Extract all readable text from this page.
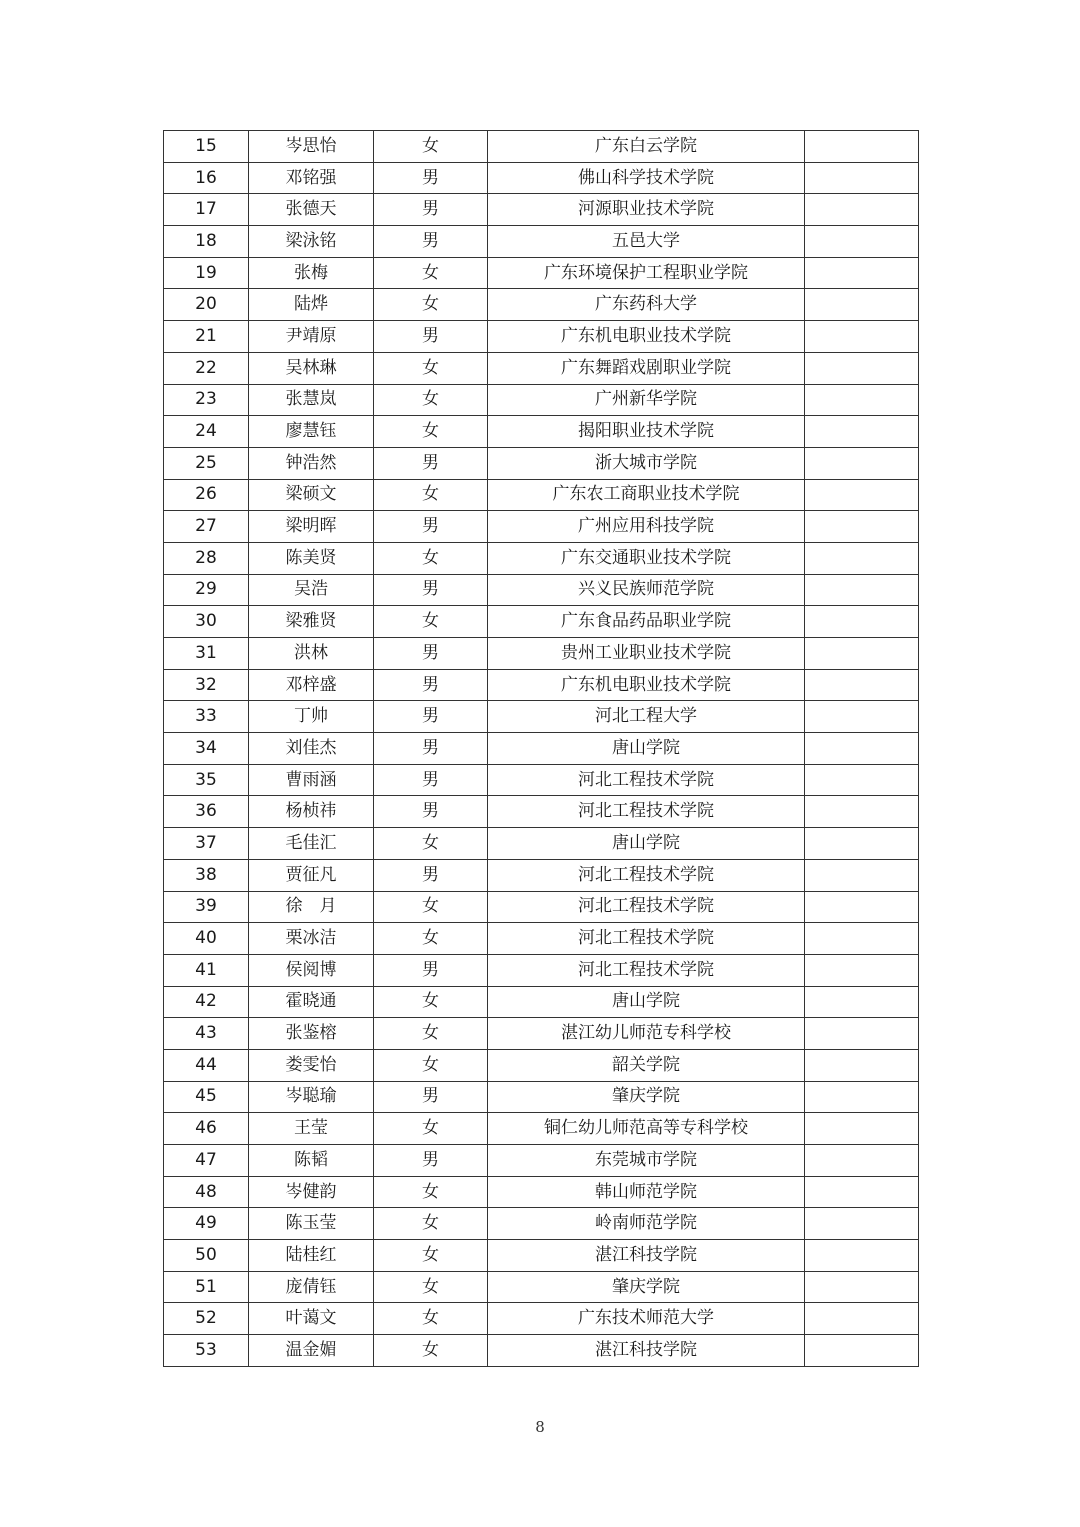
15	岑思怡	女	广东白云学院	
16	邓铭强	男	佛山科学技术学院	
17	张德天	男	河源职业技术学院	
18	梁泳铭	男	五邑大学	
19	张梅	女	广东环境保护工程职业学院	
20	陆烨	女	广东药科大学	
21	尹靖原	男	广东机电职业技术学院	
22	吴林琳	女	广东舞蹈戏剧职业学院	
23	张慧岚	女	广州新华学院	
24	廖慧钰	女	揭阳职业技术学院	
25	钟浩然	男	浙大城市学院	
26	梁硕文	女	广东农工商职业技术学院	
27	梁明晖	男	广州应用科技学院	
28	陈美贤	女	广东交通职业技术学院	
29	吴浩	男	兴义民族师范学院	
30	梁雅贤	女	广东食品药品职业学院	
31	洪林	男	贵州工业职业技术学院	
32	邓梓盛	男	广东机电职业技术学院	
33	丁帅	男	河北工程大学	
34	刘佳杰	男	唐山学院	
35	曹雨涵	男	河北工程技术学院	
36	杨桢祎	男	河北工程技术学院	
37	毛佳汇	女	唐山学院	
38	贾征凡	男	河北工程技术学院	
39	徐　月	女	河北工程技术学院	
40	栗冰洁	女	河北工程技术学院	
41	侯阅博	男	河北工程技术学院	
42	霍晓通	女	唐山学院	
43	张鉴榕	女	湛江幼儿师范专科学校	
44	娄雯怡	女	韶关学院	
45	岑聪瑜	男	肇庆学院	
46	王莹	女	铜仁幼儿师范高等专科学校	
47	陈韬	男	东莞城市学院	
48	岑健韵	女	韩山师范学院	
49	陈玉莹	女	岭南师范学院	
50	陆桂红	女	湛江科技学院	
51	庞倩钰	女	肇庆学院	
52	叶蔼文	女	广东技术师范大学	
53	温金媚	女	湛江科技学院	
8
